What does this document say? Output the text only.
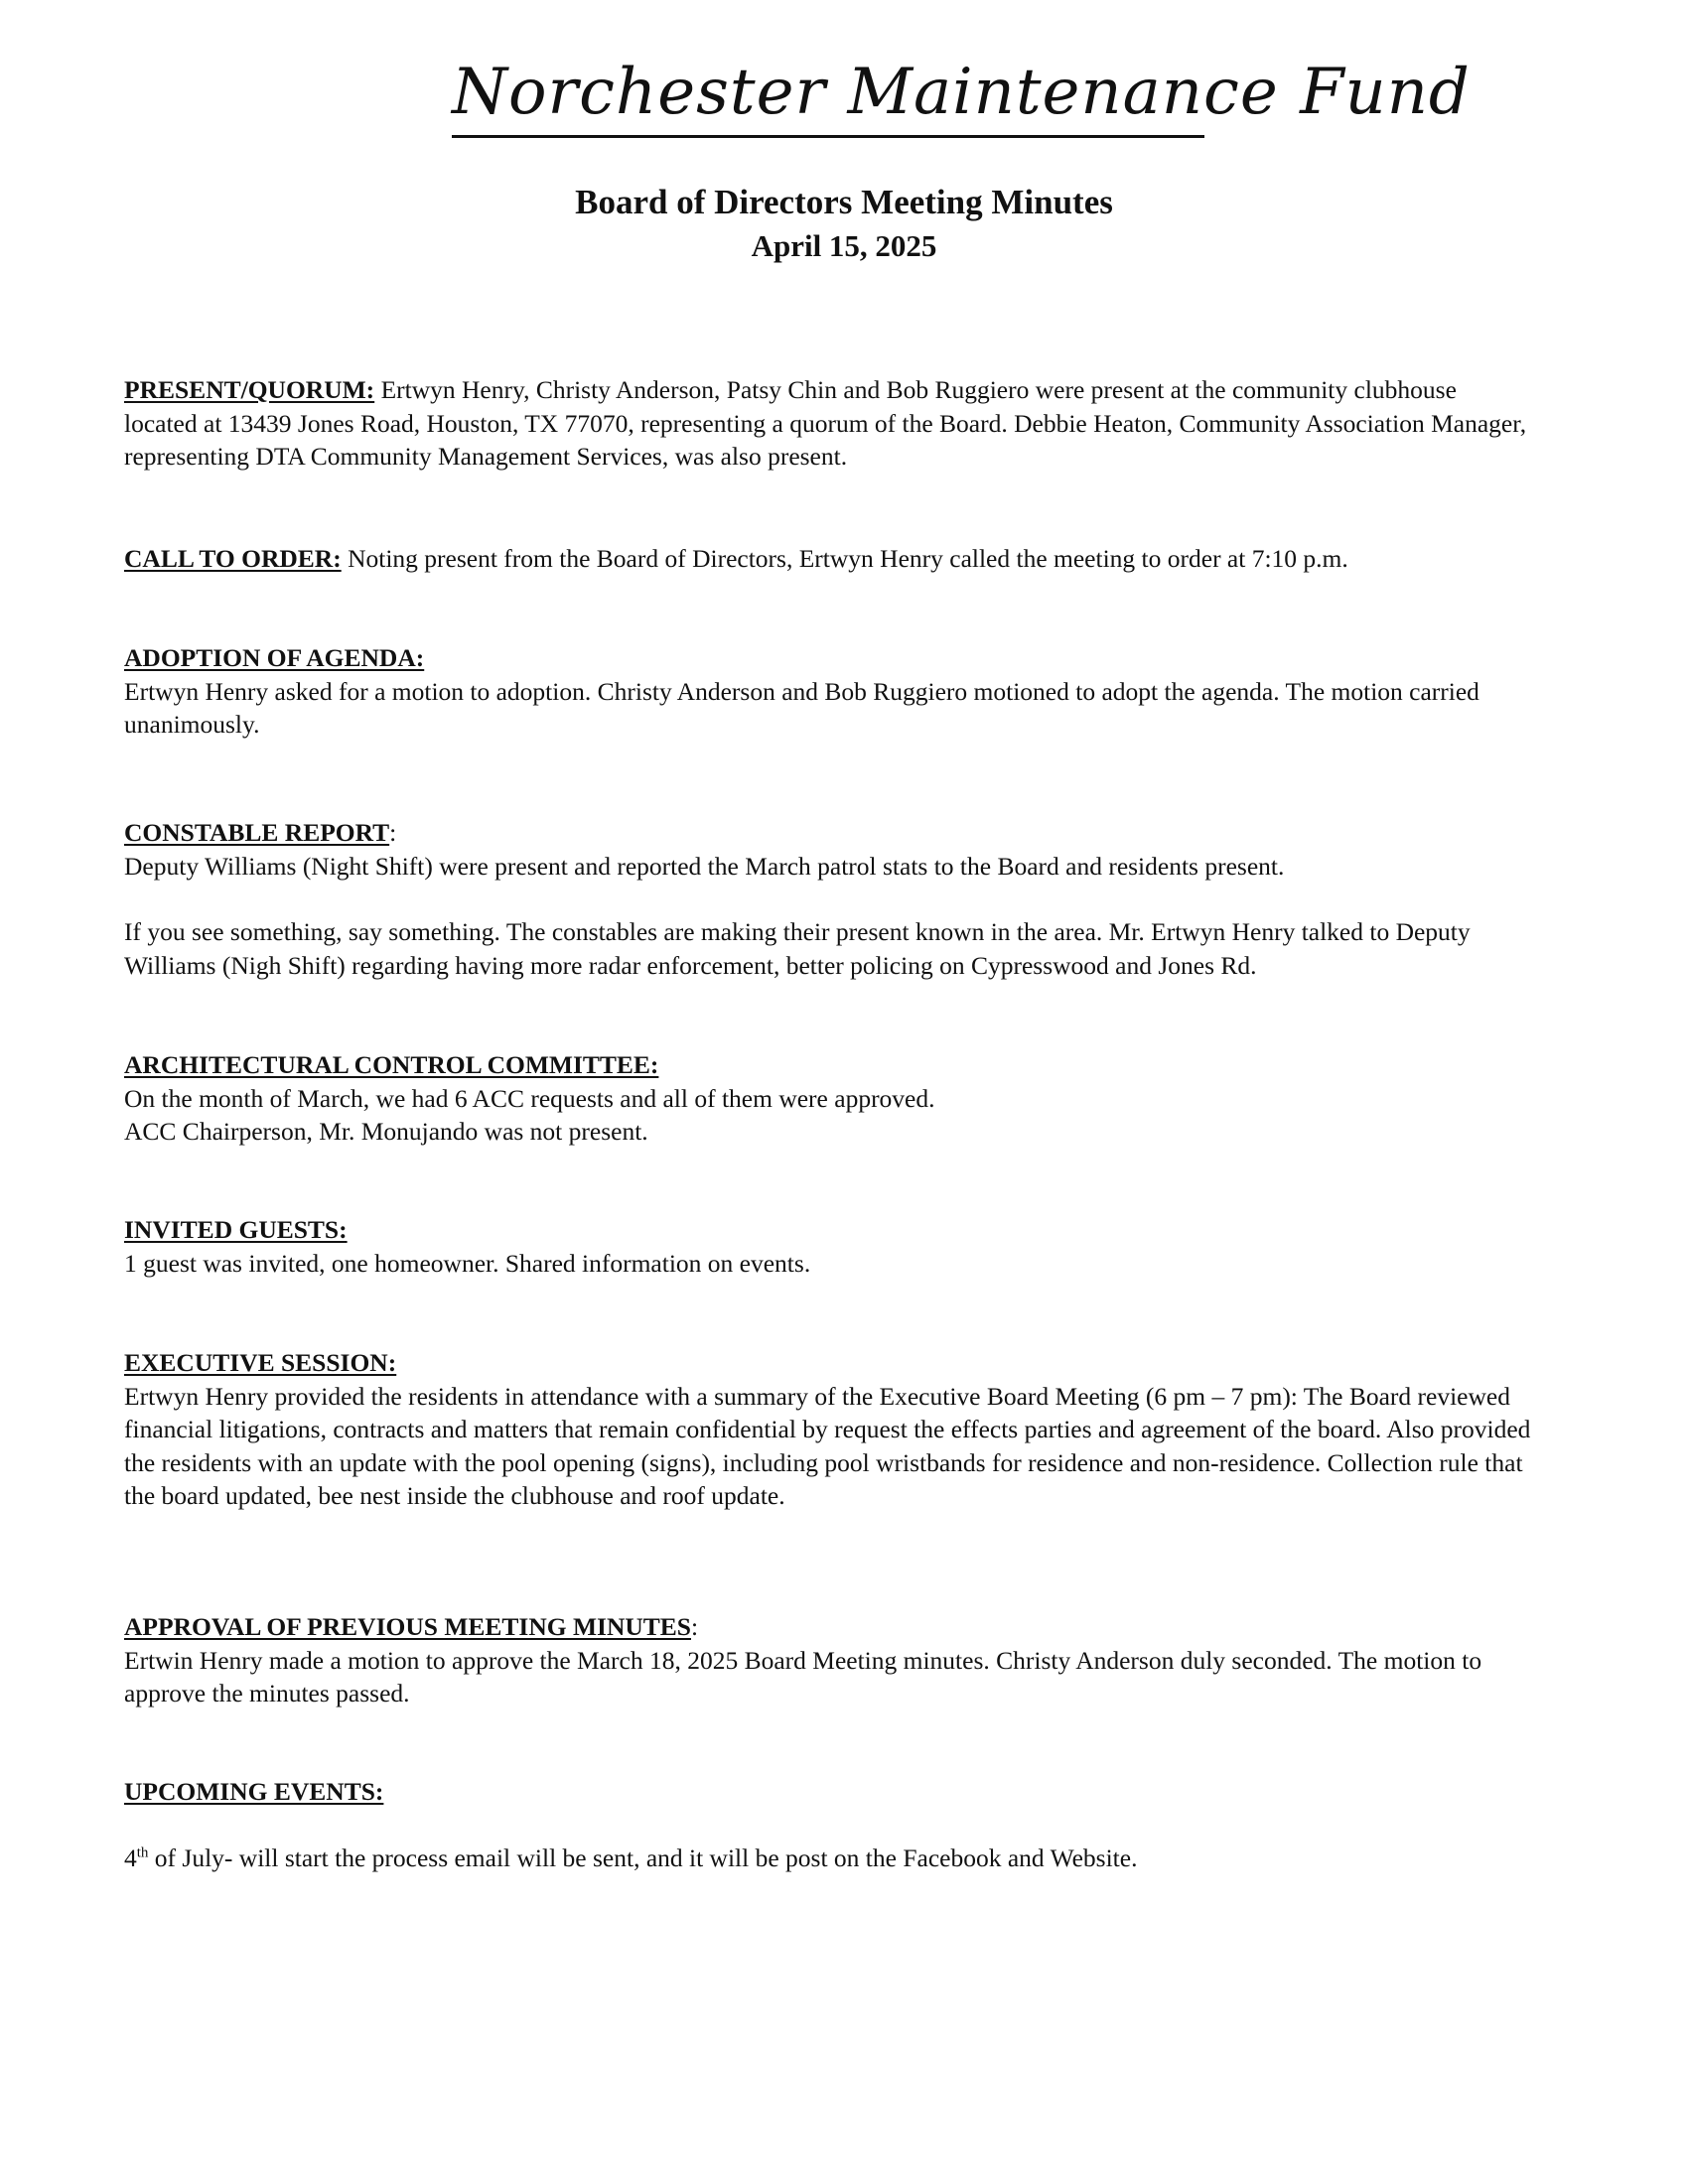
Norchester Maintenance Fund
Board of Directors Meeting Minutes
April 15, 2025

PRESENT/QUORUM: Ertwyn Henry, Christy Anderson, Patsy Chin and Bob Ruggiero were present at the community clubhouse located at 13439 Jones Road, Houston, TX 77070, representing a quorum of the Board. Debbie Heaton, Community Association Manager, representing DTA Community Management Services, was also present.

CALL TO ORDER: Noting present from the Board of Directors, Ertwyn Henry called the meeting to order at 7:10 p.m.

ADOPTION OF AGENDA:

Ertwyn Henry asked for a motion to adoption. Christy Anderson and Bob Ruggiero motioned to adopt the agenda. The motion carried unanimously.

CONSTABLE REPORT:

Deputy Williams (Night Shift) were present and reported the March patrol stats to the Board and residents present.

If you see something, say something. The constables are making their present known in the area. Mr. Ertwyn Henry talked to Deputy Williams (Nigh Shift) regarding having more radar enforcement, better policing on Cypresswood and Jones Rd.

ARCHITECTURAL CONTROL COMMITTEE:

On the month of March, we had 6 ACC requests and all of them were approved.

ACC Chairperson, Mr. Monujando was not present.

INVITED GUESTS:

1 guest was invited, one homeowner. Shared information on events.

EXECUTIVE SESSION:

Ertwyn Henry provided the residents in attendance with a summary of the Executive Board Meeting (6 pm – 7 pm): The Board reviewed financial litigations, contracts and matters that remain confidential by request the effects parties and agreement of the board. Also provided the residents with an update with the pool opening (signs), including pool wristbands for residence and non-residence. Collection rule that the board updated, bee nest inside the clubhouse and roof update.

APPROVAL OF PREVIOUS MEETING MINUTES:

Ertwin Henry made a motion to approve the March 18, 2025 Board Meeting minutes. Christy Anderson duly seconded. The motion to approve the minutes passed.

UPCOMING EVENTS:

4th of July- will start the process email will be sent, and it will be post on the Facebook and Website.
